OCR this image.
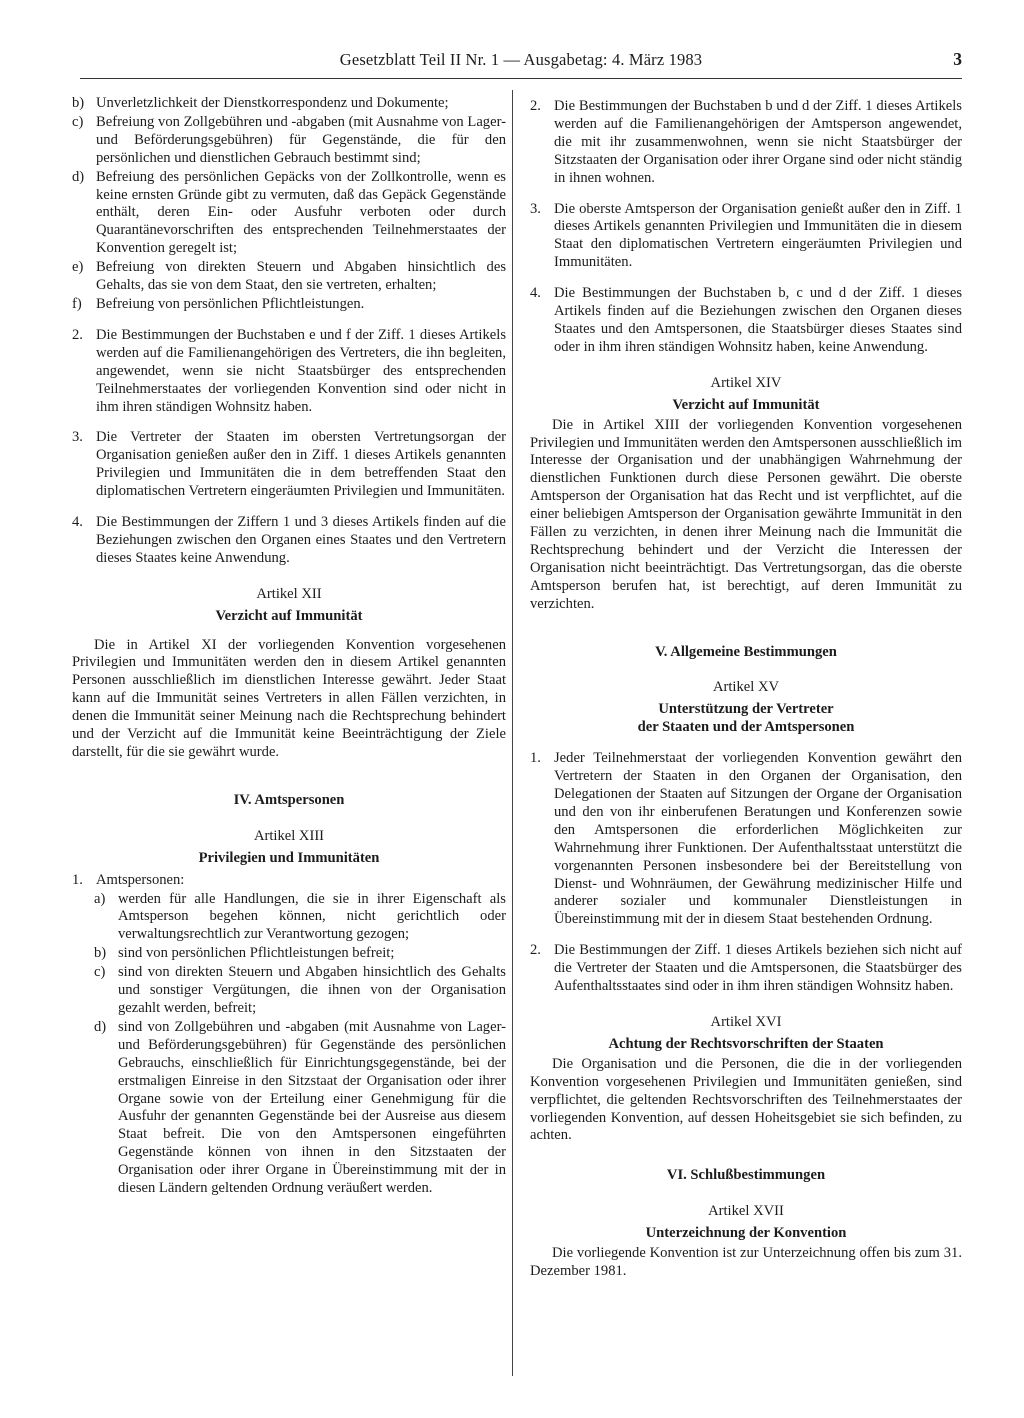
Gesetzblatt Teil II Nr. 1 — Ausgabetag: 4. März 1983	3
b) Unverletzlichkeit der Dienstkorrespondenz und Dokumente;
c) Befreiung von Zollgebühren und -abgaben (mit Ausnahme von Lager- und Beförderungsgebühren) für Gegenstände, die für den persönlichen und dienstlichen Gebrauch bestimmt sind;
d) Befreiung des persönlichen Gepäcks von der Zollkontrolle, wenn es keine ernsten Gründe gibt zu vermuten, daß das Gepäck Gegenstände enthält, deren Ein- oder Ausfuhr verboten oder durch Quarantänevorschriften des entsprechenden Teilnehmerstaates der Konvention geregelt ist;
e) Befreiung von direkten Steuern und Abgaben hinsichtlich des Gehalts, das sie von dem Staat, den sie vertreten, erhalten;
f) Befreiung von persönlichen Pflichtleistungen.
2. Die Bestimmungen der Buchstaben e und f der Ziff. 1 dieses Artikels werden auf die Familienangehörigen des Vertreters, die ihn begleiten, angewendet, wenn sie nicht Staatsbürger des entsprechenden Teilnehmerstaates der vorliegenden Konvention sind oder nicht in ihm ihren ständigen Wohnsitz haben.
3. Die Vertreter der Staaten im obersten Vertretungsorgan der Organisation genießen außer den in Ziff. 1 dieses Artikels genannten Privilegien und Immunitäten die in dem betreffenden Staat den diplomatischen Vertretern eingeräumten Privilegien und Immunitäten.
4. Die Bestimmungen der Ziffern 1 und 3 dieses Artikels finden auf die Beziehungen zwischen den Organen eines Staates und den Vertretern dieses Staates keine Anwendung.
Artikel XII
Verzicht auf Immunität
Die in Artikel XI der vorliegenden Konvention vorgesehenen Privilegien und Immunitäten werden den in diesem Artikel genannten Personen ausschließlich im dienstlichen Interesse gewährt. Jeder Staat kann auf die Immunität seines Vertreters in allen Fällen verzichten, in denen die Immunität seiner Meinung nach die Rechtsprechung behindert und der Verzicht auf die Immunität keine Beeinträchtigung der Ziele darstellt, für die sie gewährt wurde.
IV. Amtspersonen
Artikel XIII
Privilegien und Immunitäten
1. Amtspersonen:
a) werden für alle Handlungen, die sie in ihrer Eigenschaft als Amtsperson begehen können, nicht gerichtlich oder verwaltungsrechtlich zur Verantwortung gezogen;
b) sind von persönlichen Pflichtleistungen befreit;
c) sind von direkten Steuern und Abgaben hinsichtlich des Gehalts und sonstiger Vergütungen, die ihnen von der Organisation gezahlt werden, befreit;
d) sind von Zollgebühren und -abgaben (mit Ausnahme von Lager- und Beförderungsgebühren) für Gegenstände des persönlichen Gebrauchs, einschließlich für Einrichtungsgegenstände, bei der erstmaligen Einreise in den Sitzstaat der Organisation oder ihrer Organe sowie von der Erteilung einer Genehmigung für die Ausfuhr der genannten Gegenstände bei der Ausreise aus diesem Staat befreit. Die von den Amtspersonen eingeführten Gegenstände können von ihnen in den Sitzstaaten der Organisation oder ihrer Organe in Übereinstimmung mit der in diesen Ländern geltenden Ordnung veräußert werden.
2. Die Bestimmungen der Buchstaben b und d der Ziff. 1 dieses Artikels werden auf die Familienangehörigen der Amtsperson angewendet, die mit ihr zusammenwohnen, wenn sie nicht Staatsbürger der Sitzstaaten der Organisation oder ihrer Organe sind oder nicht ständig in ihnen wohnen.
3. Die oberste Amtsperson der Organisation genießt außer den in Ziff. 1 dieses Artikels genannten Privilegien und Immunitäten die in diesem Staat den diplomatischen Vertretern eingeräumten Privilegien und Immunitäten.
4. Die Bestimmungen der Buchstaben b, c und d der Ziff. 1 dieses Artikels finden auf die Beziehungen zwischen den Organen dieses Staates und den Amtspersonen, die Staatsbürger dieses Staates sind oder in ihm ihren ständigen Wohnsitz haben, keine Anwendung.
Artikel XIV
Verzicht auf Immunität
Die in Artikel XIII der vorliegenden Konvention vorgesehenen Privilegien und Immunitäten werden den Amtspersonen ausschließlich im Interesse der Organisation und der unabhängigen Wahrnehmung der dienstlichen Funktionen durch diese Personen gewährt. Die oberste Amtsperson der Organisation hat das Recht und ist verpflichtet, auf die einer beliebigen Amtsperson der Organisation gewährte Immunität in den Fällen zu verzichten, in denen ihrer Meinung nach die Immunität die Rechtsprechung behindert und der Verzicht die Interessen der Organisation nicht beeinträchtigt. Das Vertretungsorgan, das die oberste Amtsperson berufen hat, ist berechtigt, auf deren Immunität zu verzichten.
V. Allgemeine Bestimmungen
Artikel XV
Unterstützung der Vertreter
der Staaten und der Amtspersonen
1. Jeder Teilnehmerstaat der vorliegenden Konvention gewährt den Vertretern der Staaten in den Organen der Organisation, den Delegationen der Staaten auf Sitzungen der Organe der Organisation und den von ihr einberufenen Beratungen und Konferenzen sowie den Amtspersonen die erforderlichen Möglichkeiten zur Wahrnehmung ihrer Funktionen. Der Aufenthaltsstaat unterstützt die vorgenannten Personen insbesondere bei der Bereitstellung von Dienst- und Wohnräumen, der Gewährung medizinischer Hilfe und anderer sozialer und kommunaler Dienstleistungen in Übereinstimmung mit der in diesem Staat bestehenden Ordnung.
2. Die Bestimmungen der Ziff. 1 dieses Artikels beziehen sich nicht auf die Vertreter der Staaten und die Amtspersonen, die Staatsbürger des Aufenthaltsstaates sind oder in ihm ihren ständigen Wohnsitz haben.
Artikel XVI
Achtung der Rechtsvorschriften der Staaten
Die Organisation und die Personen, die die in der vorliegenden Konvention vorgesehenen Privilegien und Immunitäten genießen, sind verpflichtet, die geltenden Rechtsvorschriften des Teilnehmerstaates der vorliegenden Konvention, auf dessen Hoheitsgebiet sie sich befinden, zu achten.
VI. Schlußbestimmungen
Artikel XVII
Unterzeichnung der Konvention
Die vorliegende Konvention ist zur Unterzeichnung offen bis zum 31. Dezember 1981.
